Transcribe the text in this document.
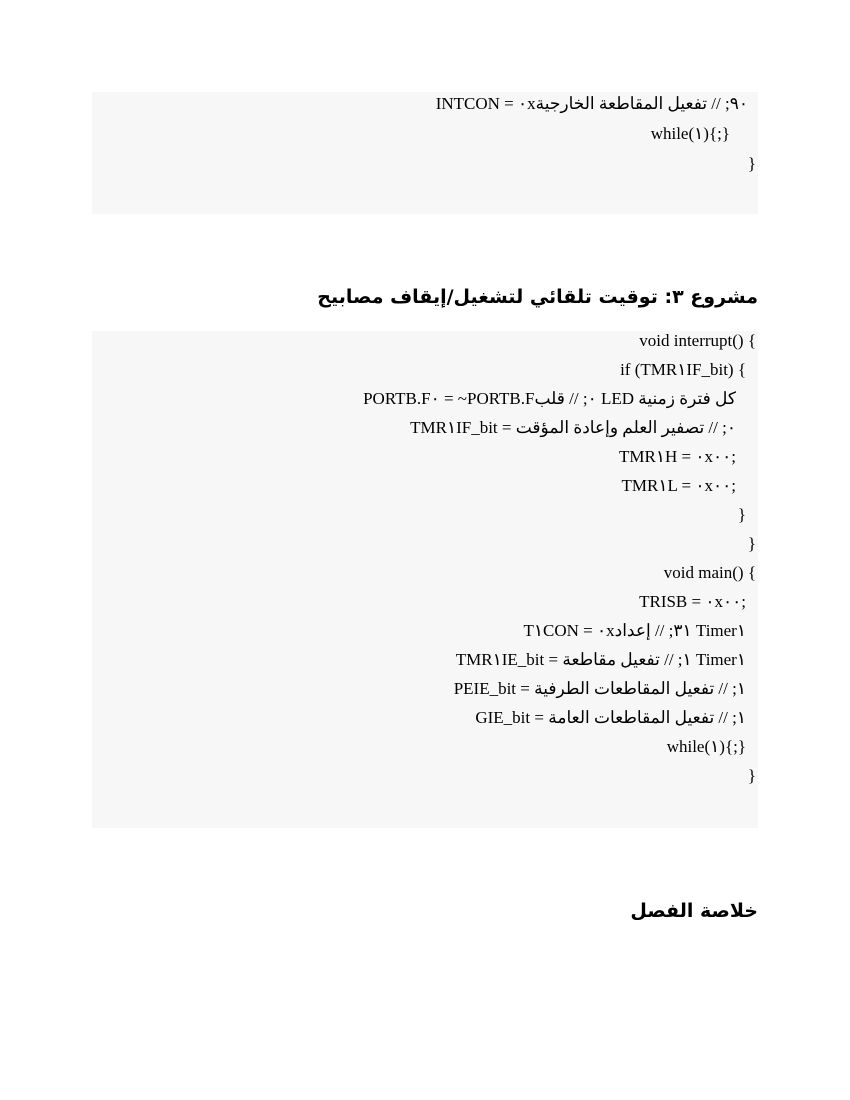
INTCON = ٠x٩٠; // تفعيل المقاطعة الخارجية
while(١){;}
}
مشروع ٣: توقيت تلقائي لتشغيل/إيقاف مصابيح
void interrupt() {
if (TMR١IF_bit) {
PORTB.F٠ = ~PORTB.F٠; // قلب LED كل فترة زمنية
TMR١IF_bit = ٠; // تصفير العلم وإعادة المؤقت
TMR١H = ٠x٠٠;
TMR١L = ٠x٠٠;
}
}
void main() {
TRISB = ٠x٠٠;
T١CON = ٠x٣١; // إعداد Timer١
TMR١IE_bit = ١; // تفعيل مقاطعة Timer١
PEIE_bit = ١; // تفعيل المقاطعات الطرفية
GIE_bit = ١; // تفعيل المقاطعات العامة
while(١){;}
}
خلاصة الفصل
